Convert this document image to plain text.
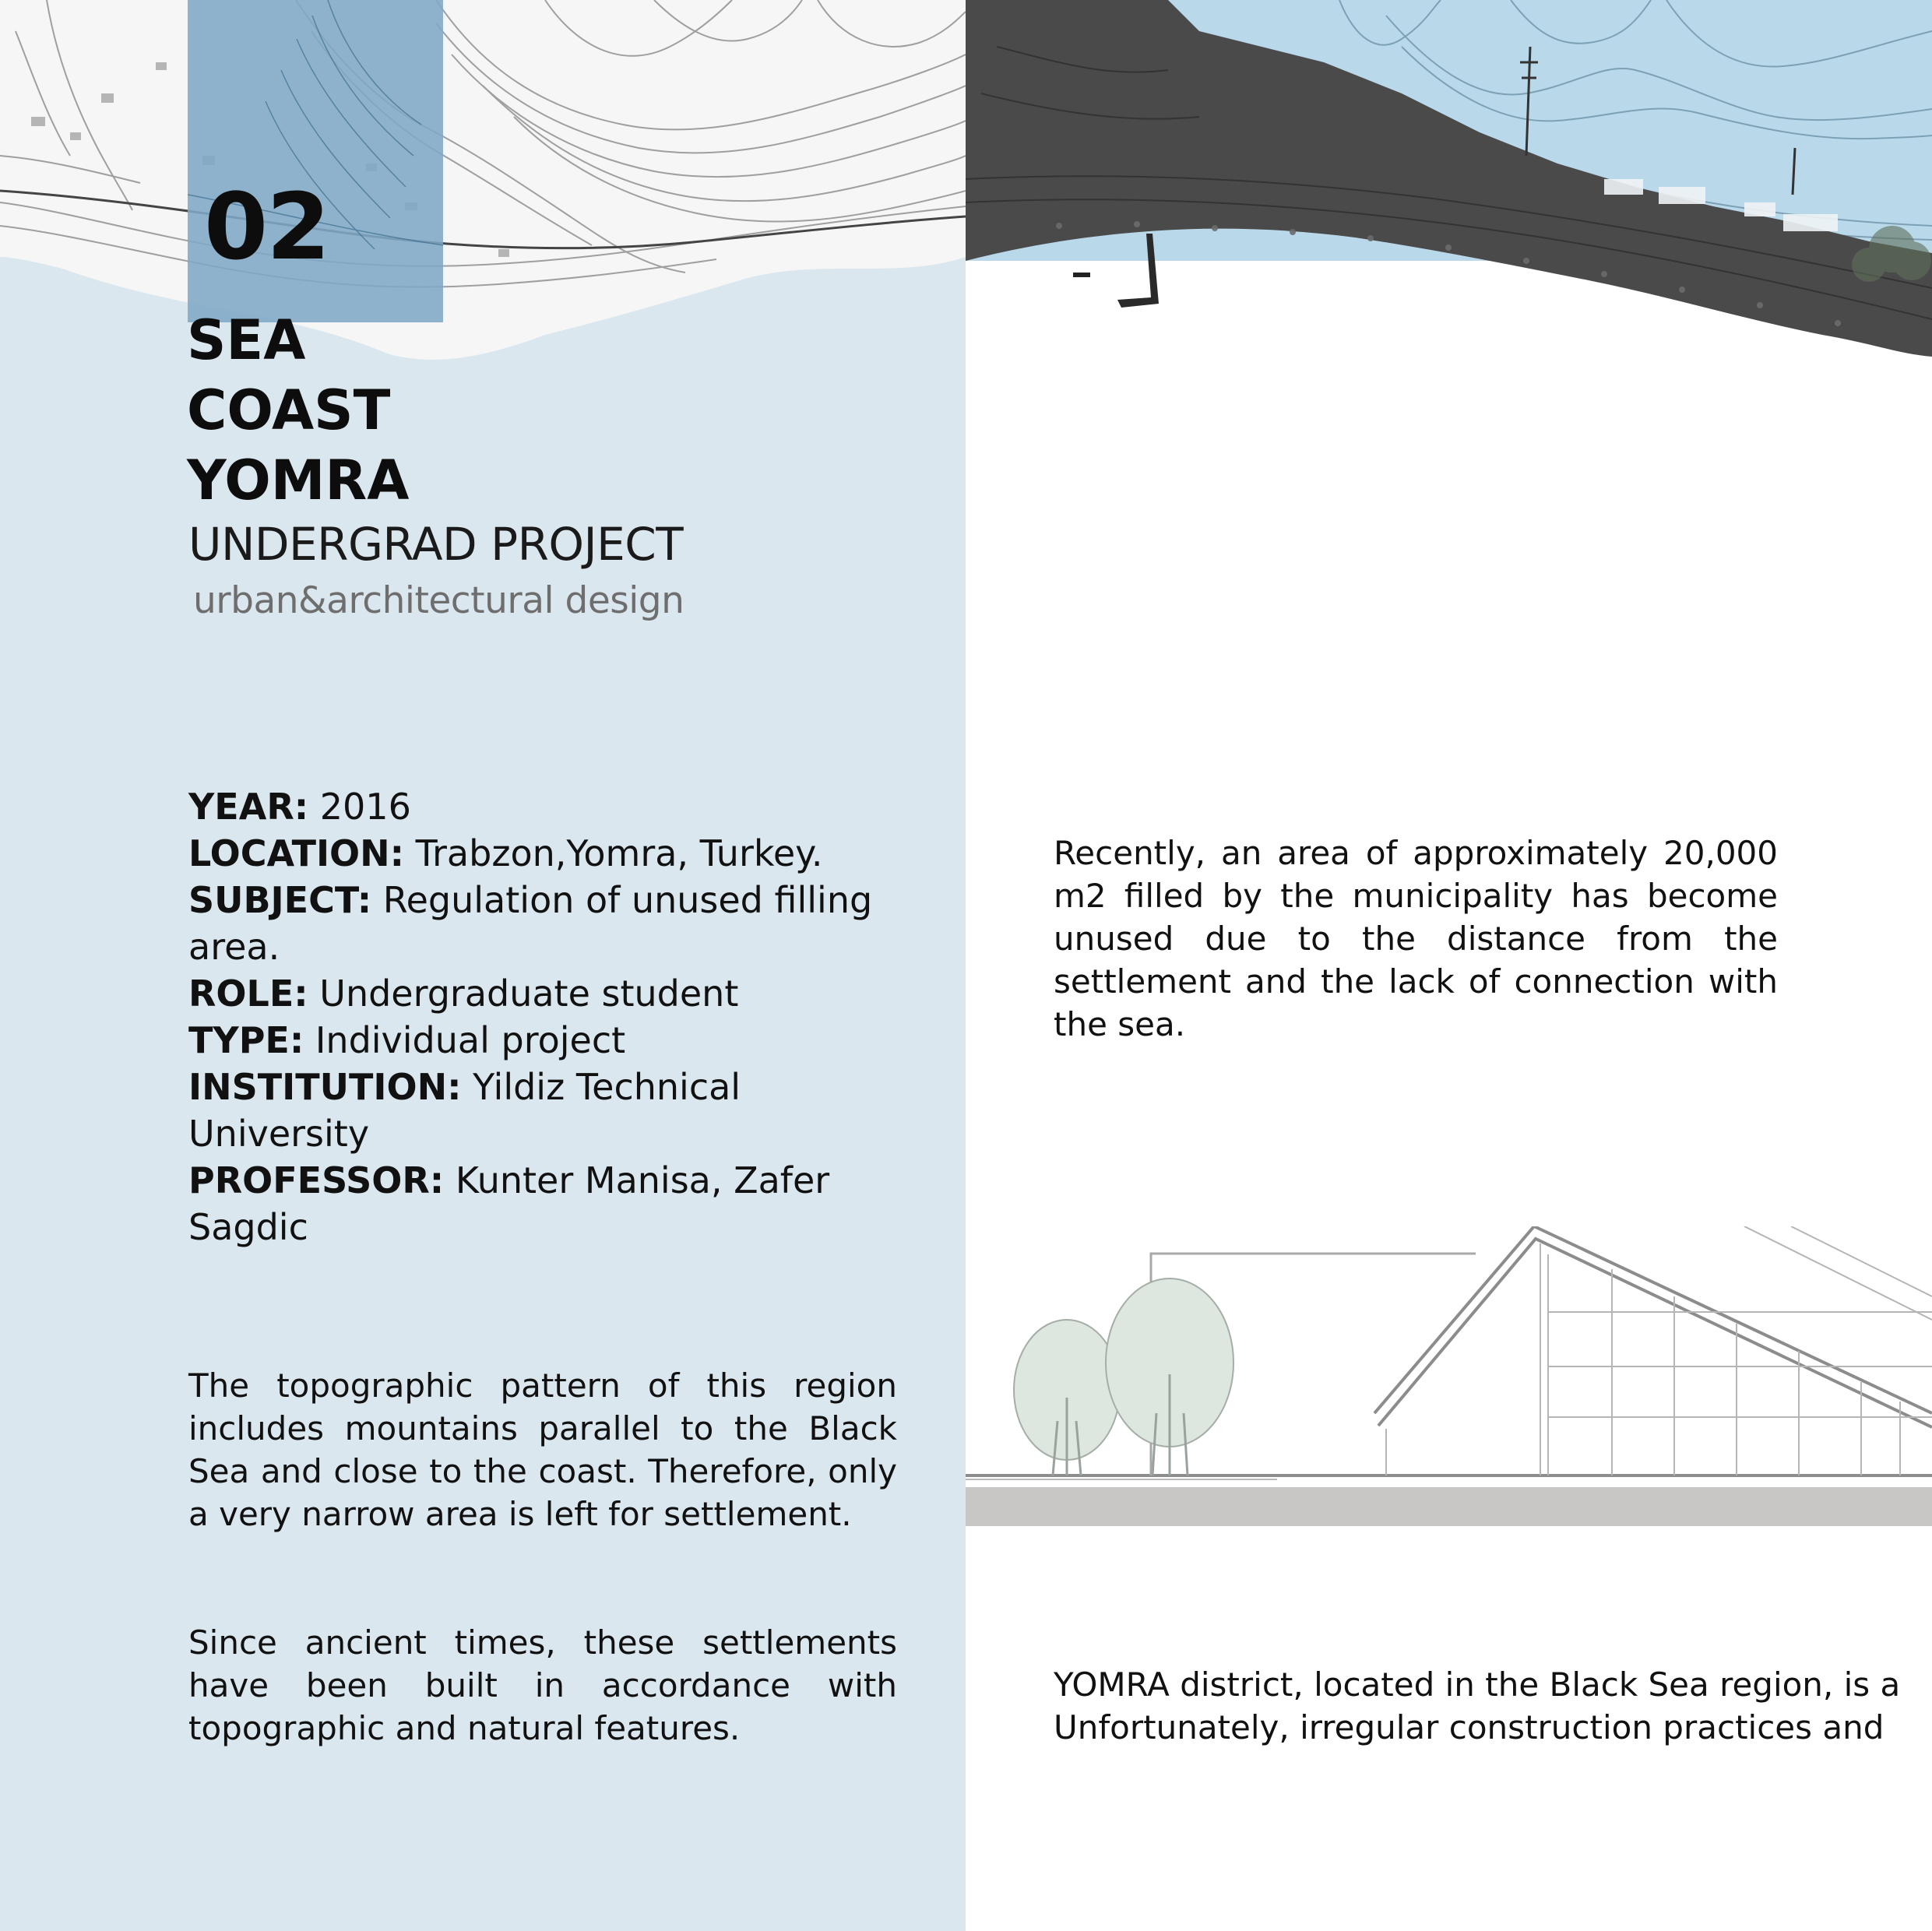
02
SEA
COAST
YOMRA
UNDERGRAD PROJECT
urban&architectural design
YEAR: 2016
LOCATION: Trabzon,Yomra, Turkey.
SUBJECT: Regulation of unused filling area.
ROLE: Undergraduate student
TYPE: Individual project
INSTITUTION: Yildiz Technical University
PROFESSOR: Kunter Manisa, Zafer Sagdic
The topographic pattern of this region includes mountains parallel to the Black Sea and close to the coast. Therefore, only a very narrow area is left for settlement.
Since ancient times, these settlements have been built in accordance with topographic and natural features.
Recently, an area of approximately 20,000 m2 filled by the municipality has become unused due to the distance from the settlement and the lack of connection with the sea.
YOMRA district, located in the Black Sea region, is a
Unfortunately, irregular construction practices and
